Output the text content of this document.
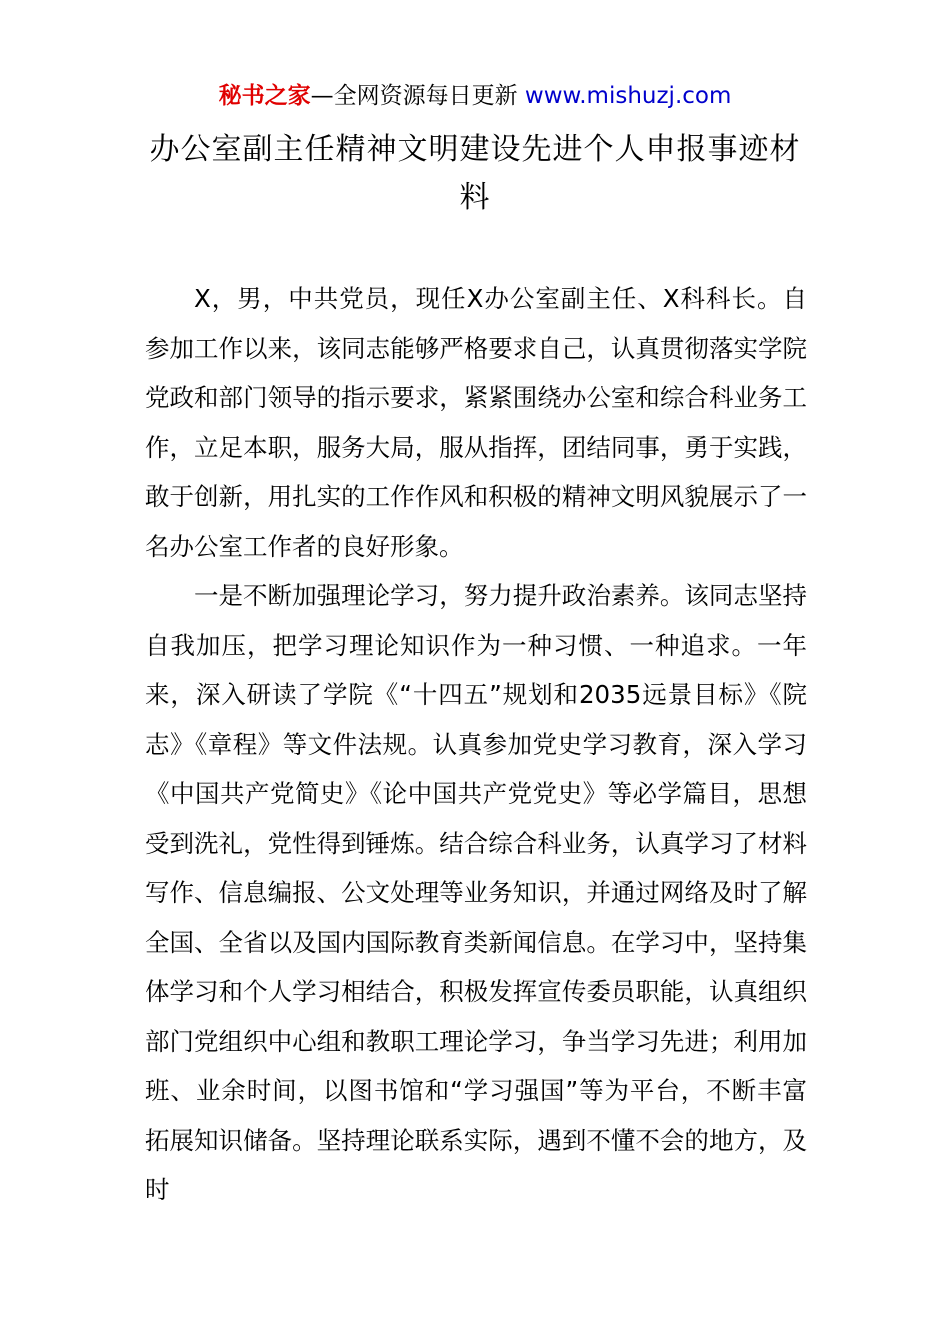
秘书之家—全网资源每日更新 www.mishuzj.com
办公室副主任精神文明建设先进个人申报事迹材料

X，男，中共党员，现任X办公室副主任、X科科长。自参加工作以来，该同志能够严格要求自己，认真贯彻落实学院党政和部门领导的指示要求，紧紧围绕办公室和综合科业务工作，立足本职，服务大局，服从指挥，团结同事，勇于实践，敢于创新，用扎实的工作作风和积极的精神文明风貌展示了一名办公室工作者的良好形象。

一是不断加强理论学习，努力提升政治素养。该同志坚持自我加压，把学习理论知识作为一种习惯、一种追求。一年来，深入研读了学院《“十四五”规划和2035远景目标》《院志》《章程》等文件法规。认真参加党史学习教育，深入学习《中国共产党简史》《论中国共产党党史》等必学篇目，思想受到洗礼，党性得到锤炼。结合综合科业务，认真学习了材料写作、信息编报、公文处理等业务知识，并通过网络及时了解全国、全省以及国内国际教育类新闻信息。在学习中，坚持集体学习和个人学习相结合，积极发挥宣传委员职能，认真组织部门党组织中心组和教职工理论学习，争当学习先进；利用加班、业余时间，以图书馆和“学习强国”等为平台，不断丰富拓展知识储备。坚持理论联系实际，遇到不懂不会的地方，及时
